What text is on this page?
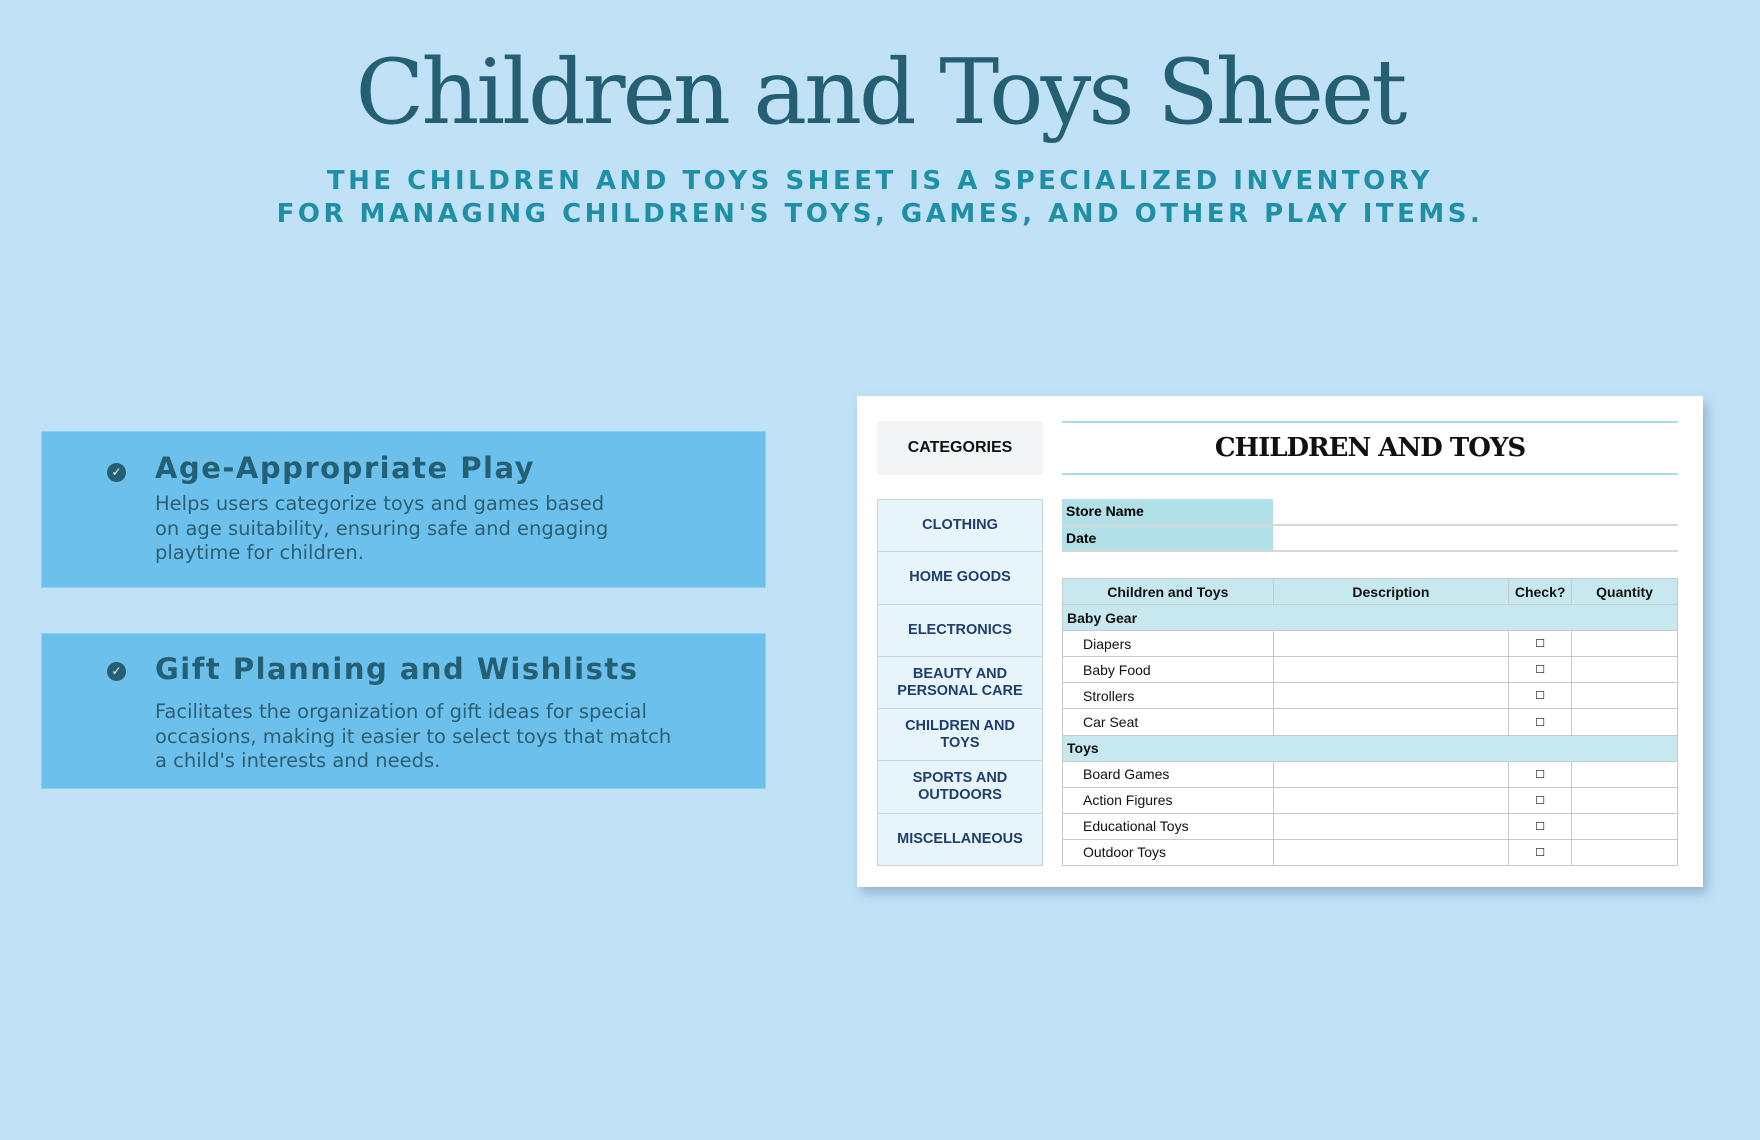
Children and Toys Sheet
THE CHILDREN AND TOYS SHEET IS A SPECIALIZED INVENTORY
FOR MANAGING CHILDREN'S TOYS, GAMES, AND OTHER PLAY ITEMS.
✓ Age-Appropriate Play

Helps users categorize toys and games based
on age suitability, ensuring safe and engaging
playtime for children.

✓ Gift Planning and Wishlists

Facilitates the organization of gift ideas for special
occasions, making it easier to select toys that match
a child's interests and needs.

CATEGORIES
CLOTHING
HOME GOODS
ELECTRONICS
BEAUTY AND PERSONAL CARE
CHILDREN AND TOYS
SPORTS AND OUTDOORS
MISCELLANEOUS
CHILDREN AND TOYS
Store Name
Date
Children and Toys	Description	Check?	Quantity
Baby Gear			
Diapers		☐	
Baby Food		☐	
Strollers		☐	
Car Seat		☐	
Toys			
Board Games		☐	
Action Figures		☐	
Educational Toys		☐	
Outdoor Toys		☐	
